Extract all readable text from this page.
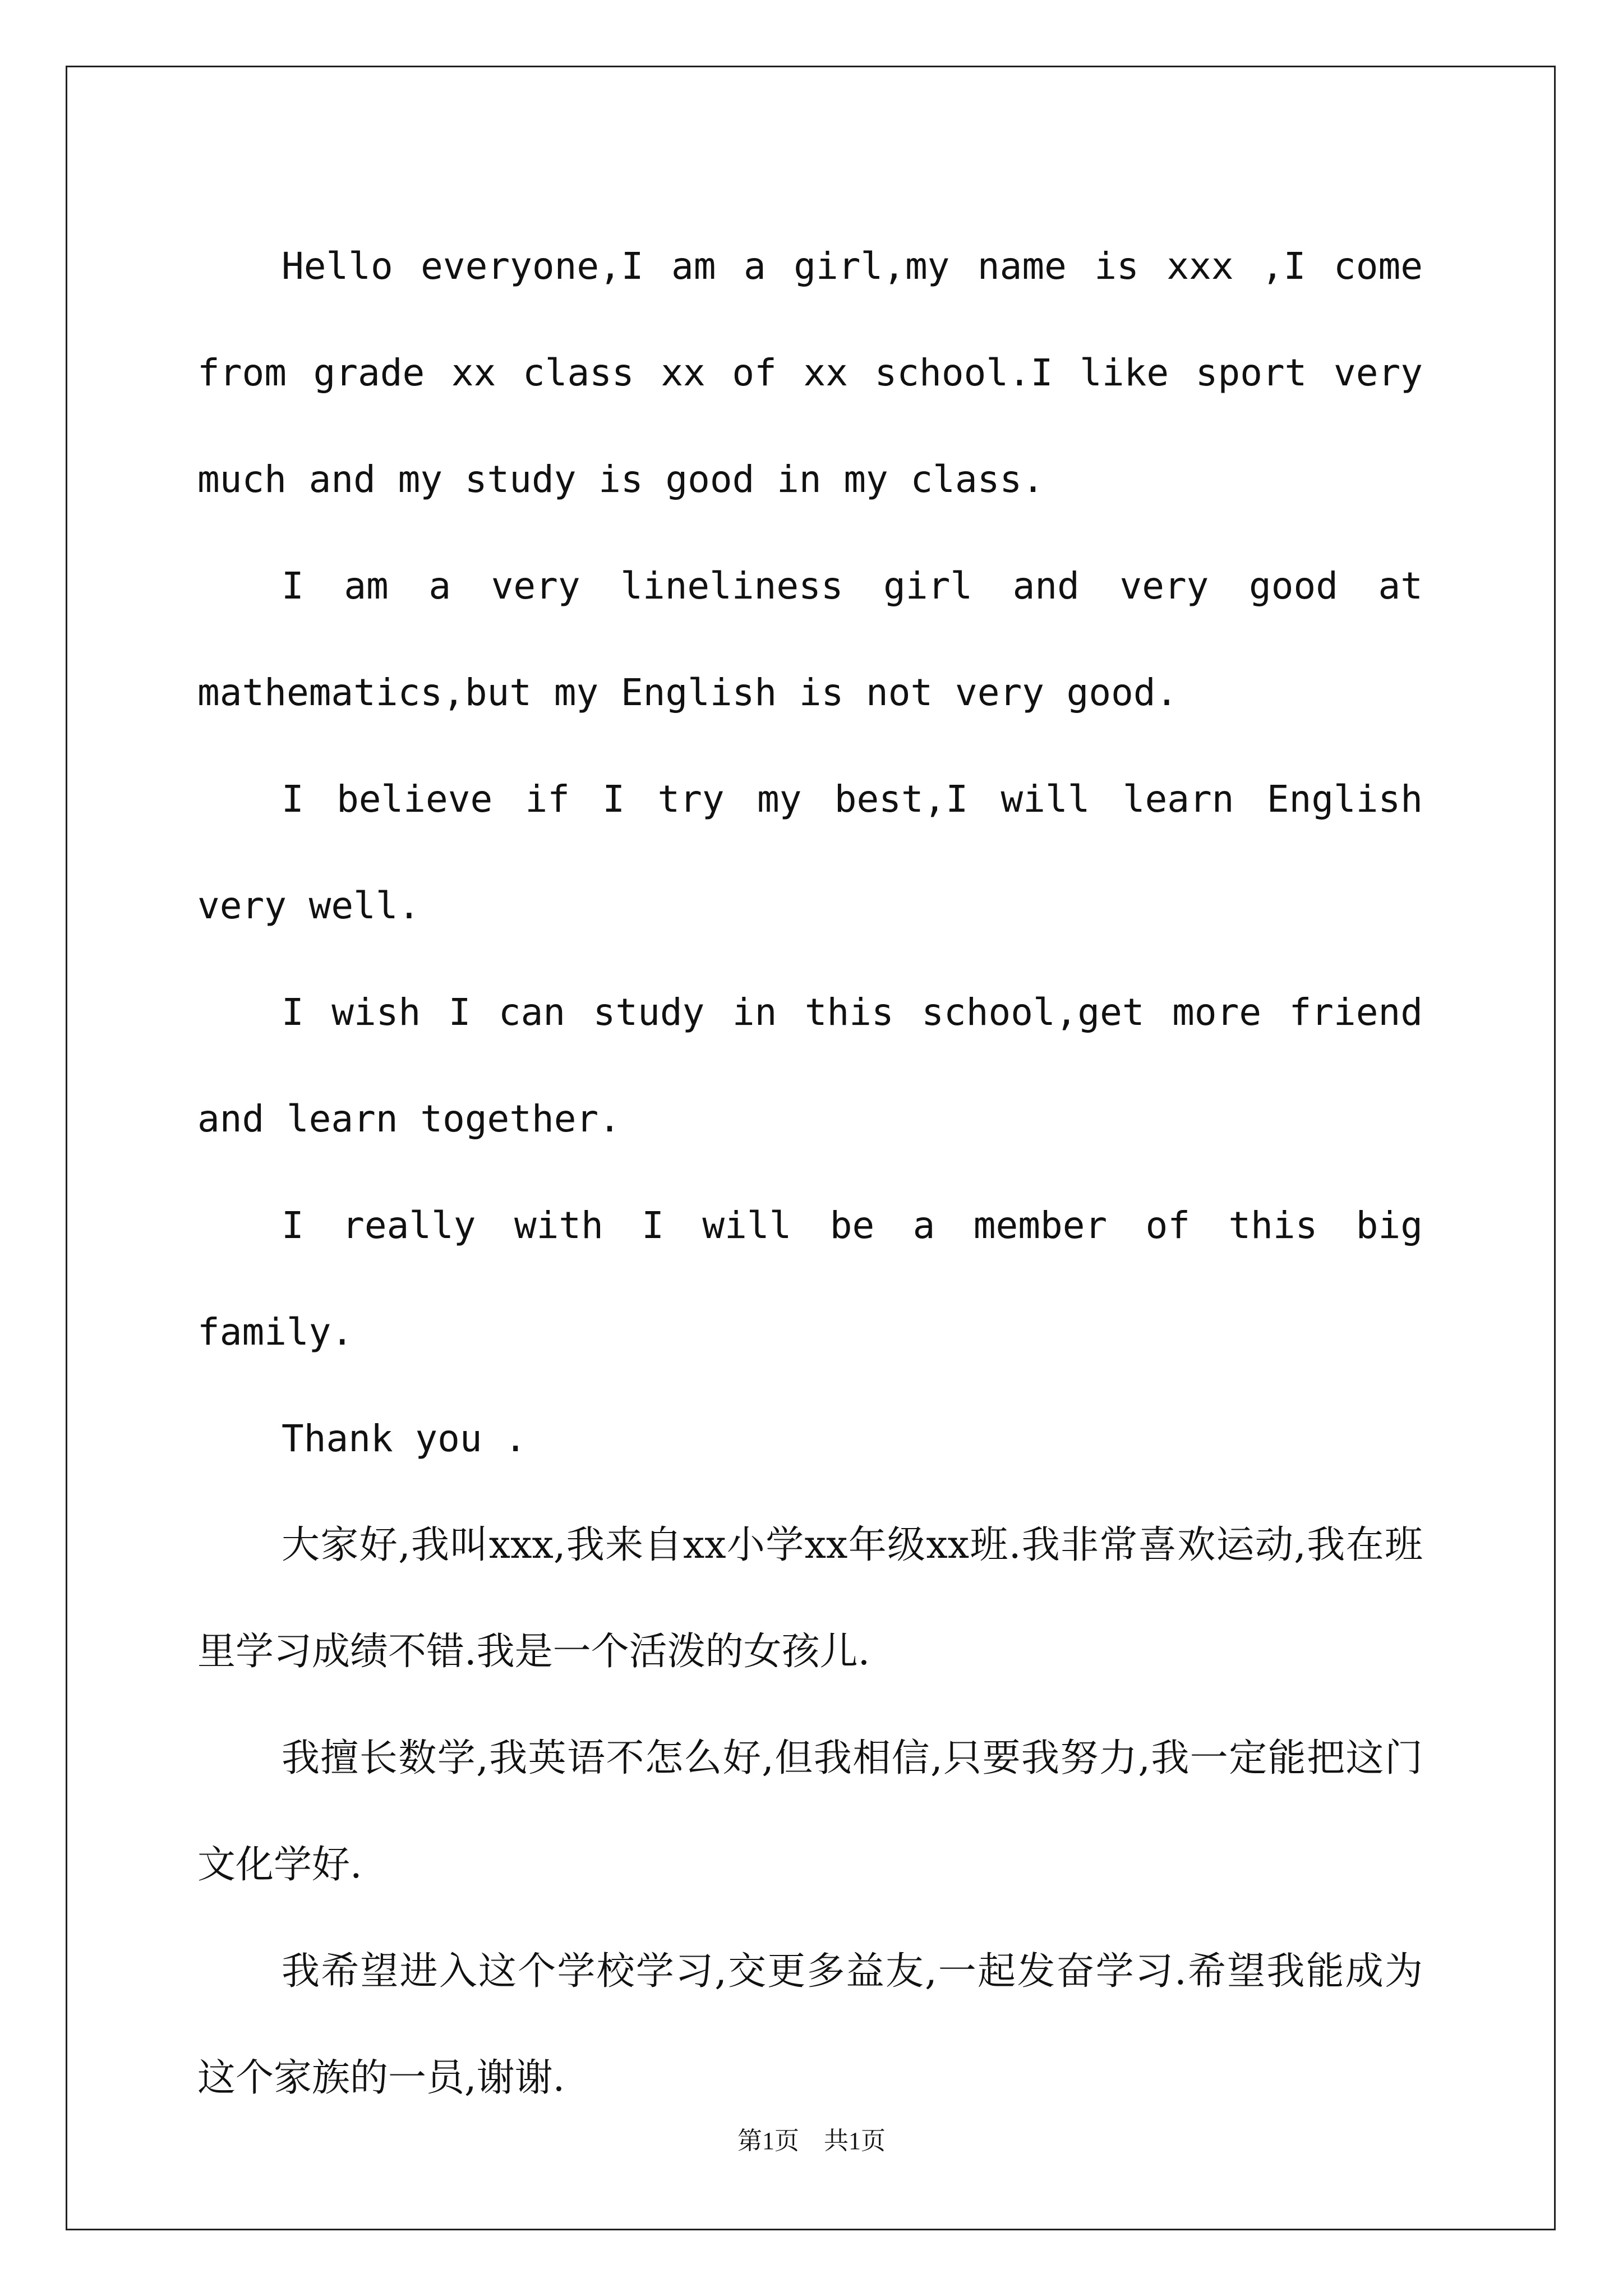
Hello everyone,I am a girl,my name is xxx ,I come from grade xx class xx of xx school.I like sport very much and my study is good in my class.

I am a very lineliness girl and very good at mathematics,but my English is not very good.

I believe if I try my best,I will learn English very well.

I wish I can study in this school,get more friend and learn together.

I really with I will be a member of this big family.

Thank you .

大家好,我叫xxx,我来自xx小学xx年级xx班.我非常喜欢运动,我在班里学习成绩不错.我是一个活泼的女孩儿.

我擅长数学,我英语不怎么好,但我相信,只要我努力,我一定能把这门文化学好.

我希望进入这个学校学习,交更多益友,一起发奋学习.希望我能成为这个家族的一员,谢谢.

第1页　共1页
